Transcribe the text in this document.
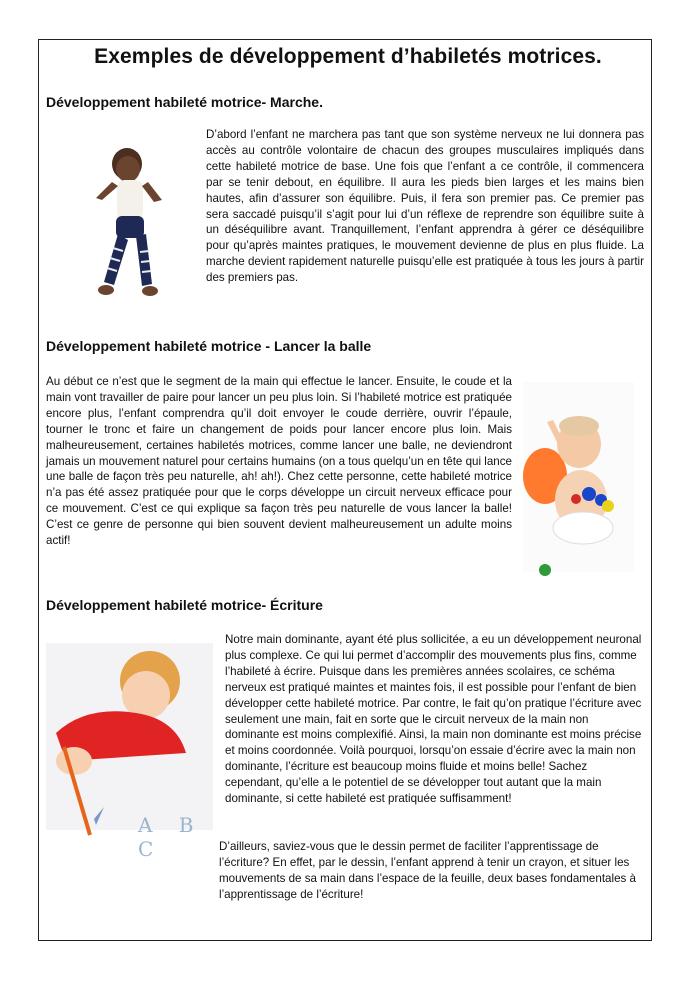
Exemples de développement d’habiletés motrices.
Développement habileté motrice- Marche.
D’abord l’enfant ne marchera pas tant que son système nerveux ne lui donnera pas accès au contrôle volontaire de chacun des groupes musculaires impliqués dans cette habileté motrice de base. Une fois que l’enfant a ce contrôle, il commencera par se tenir debout, en équilibre. Il aura les pieds bien larges et les mains bien hautes, afin d’assurer son équilibre. Puis, il fera son premier pas. Ce premier pas sera saccadé puisqu’il s’agit pour lui d’un réflexe de reprendre son équilibre suite à un déséquilibre avant. Tranquillement, l’enfant apprendra à gérer ce déséquilibre pour qu’après maintes pratiques, le mouvement devienne de plus en plus fluide. La marche devient rapidement naturelle puisqu’elle est pratiquée à tous les jours à partir des premiers pas.
Développement habileté motrice - Lancer la balle
Au début ce n’est que le segment de la main qui effectue le lancer. Ensuite, le coude et la main vont travailler de paire pour lancer un peu plus loin. Si l’habileté motrice est pratiquée encore plus, l’enfant comprendra qu’il doit envoyer le coude derrière, ouvrir l’épaule, tourner le tronc et faire un changement de poids pour lancer encore plus loin. Mais malheureusement, certaines habiletés motrices, comme lancer une balle, ne deviendront jamais un mouvement naturel pour certains humains (on a tous quelqu’un en tête qui lance une balle de façon très peu naturelle, ah! ah!). Chez cette personne, cette habileté motrice n’a pas été assez pratiquée pour que le corps développe un circuit nerveux efficace pour ce mouvement. C’est ce qui explique sa façon très peu naturelle de vous lancer la balle! C’est ce genre de personne qui bien souvent devient malheureusement un adulte moins actif!
Développement habileté motrice- Écriture
A B C
Notre main dominante, ayant été plus sollicitée, a eu un développement neuronal plus complexe. Ce qui lui permet d’accomplir des mouvements plus fins, comme l’habileté à écrire. Puisque dans les premières années scolaires, ce schéma nerveux est pratiqué maintes et maintes fois, il est possible pour l’enfant de bien développer cette habileté motrice. Par contre, le fait qu’on pratique l’écriture avec seulement une main, fait en sorte que le circuit nerveux de la main non dominante est moins complexifié. Ainsi, la main non dominante est moins précise et moins coordonnée. Voilà pourquoi, lorsqu’on essaie d’écrire avec la main non dominante, l’écriture est beaucoup moins fluide et moins belle! Sachez cependant, qu’elle a le potentiel de se développer tout autant que la main dominante, si cette habileté est pratiquée suffisamment!
D’ailleurs, saviez-vous que le dessin permet de faciliter l’apprentissage de l’écriture? En effet, par le dessin, l’enfant apprend à tenir un crayon, et situer les mouvements de sa main dans l’espace de la feuille, deux bases fondamentales à l’apprentissage de l’écriture!
